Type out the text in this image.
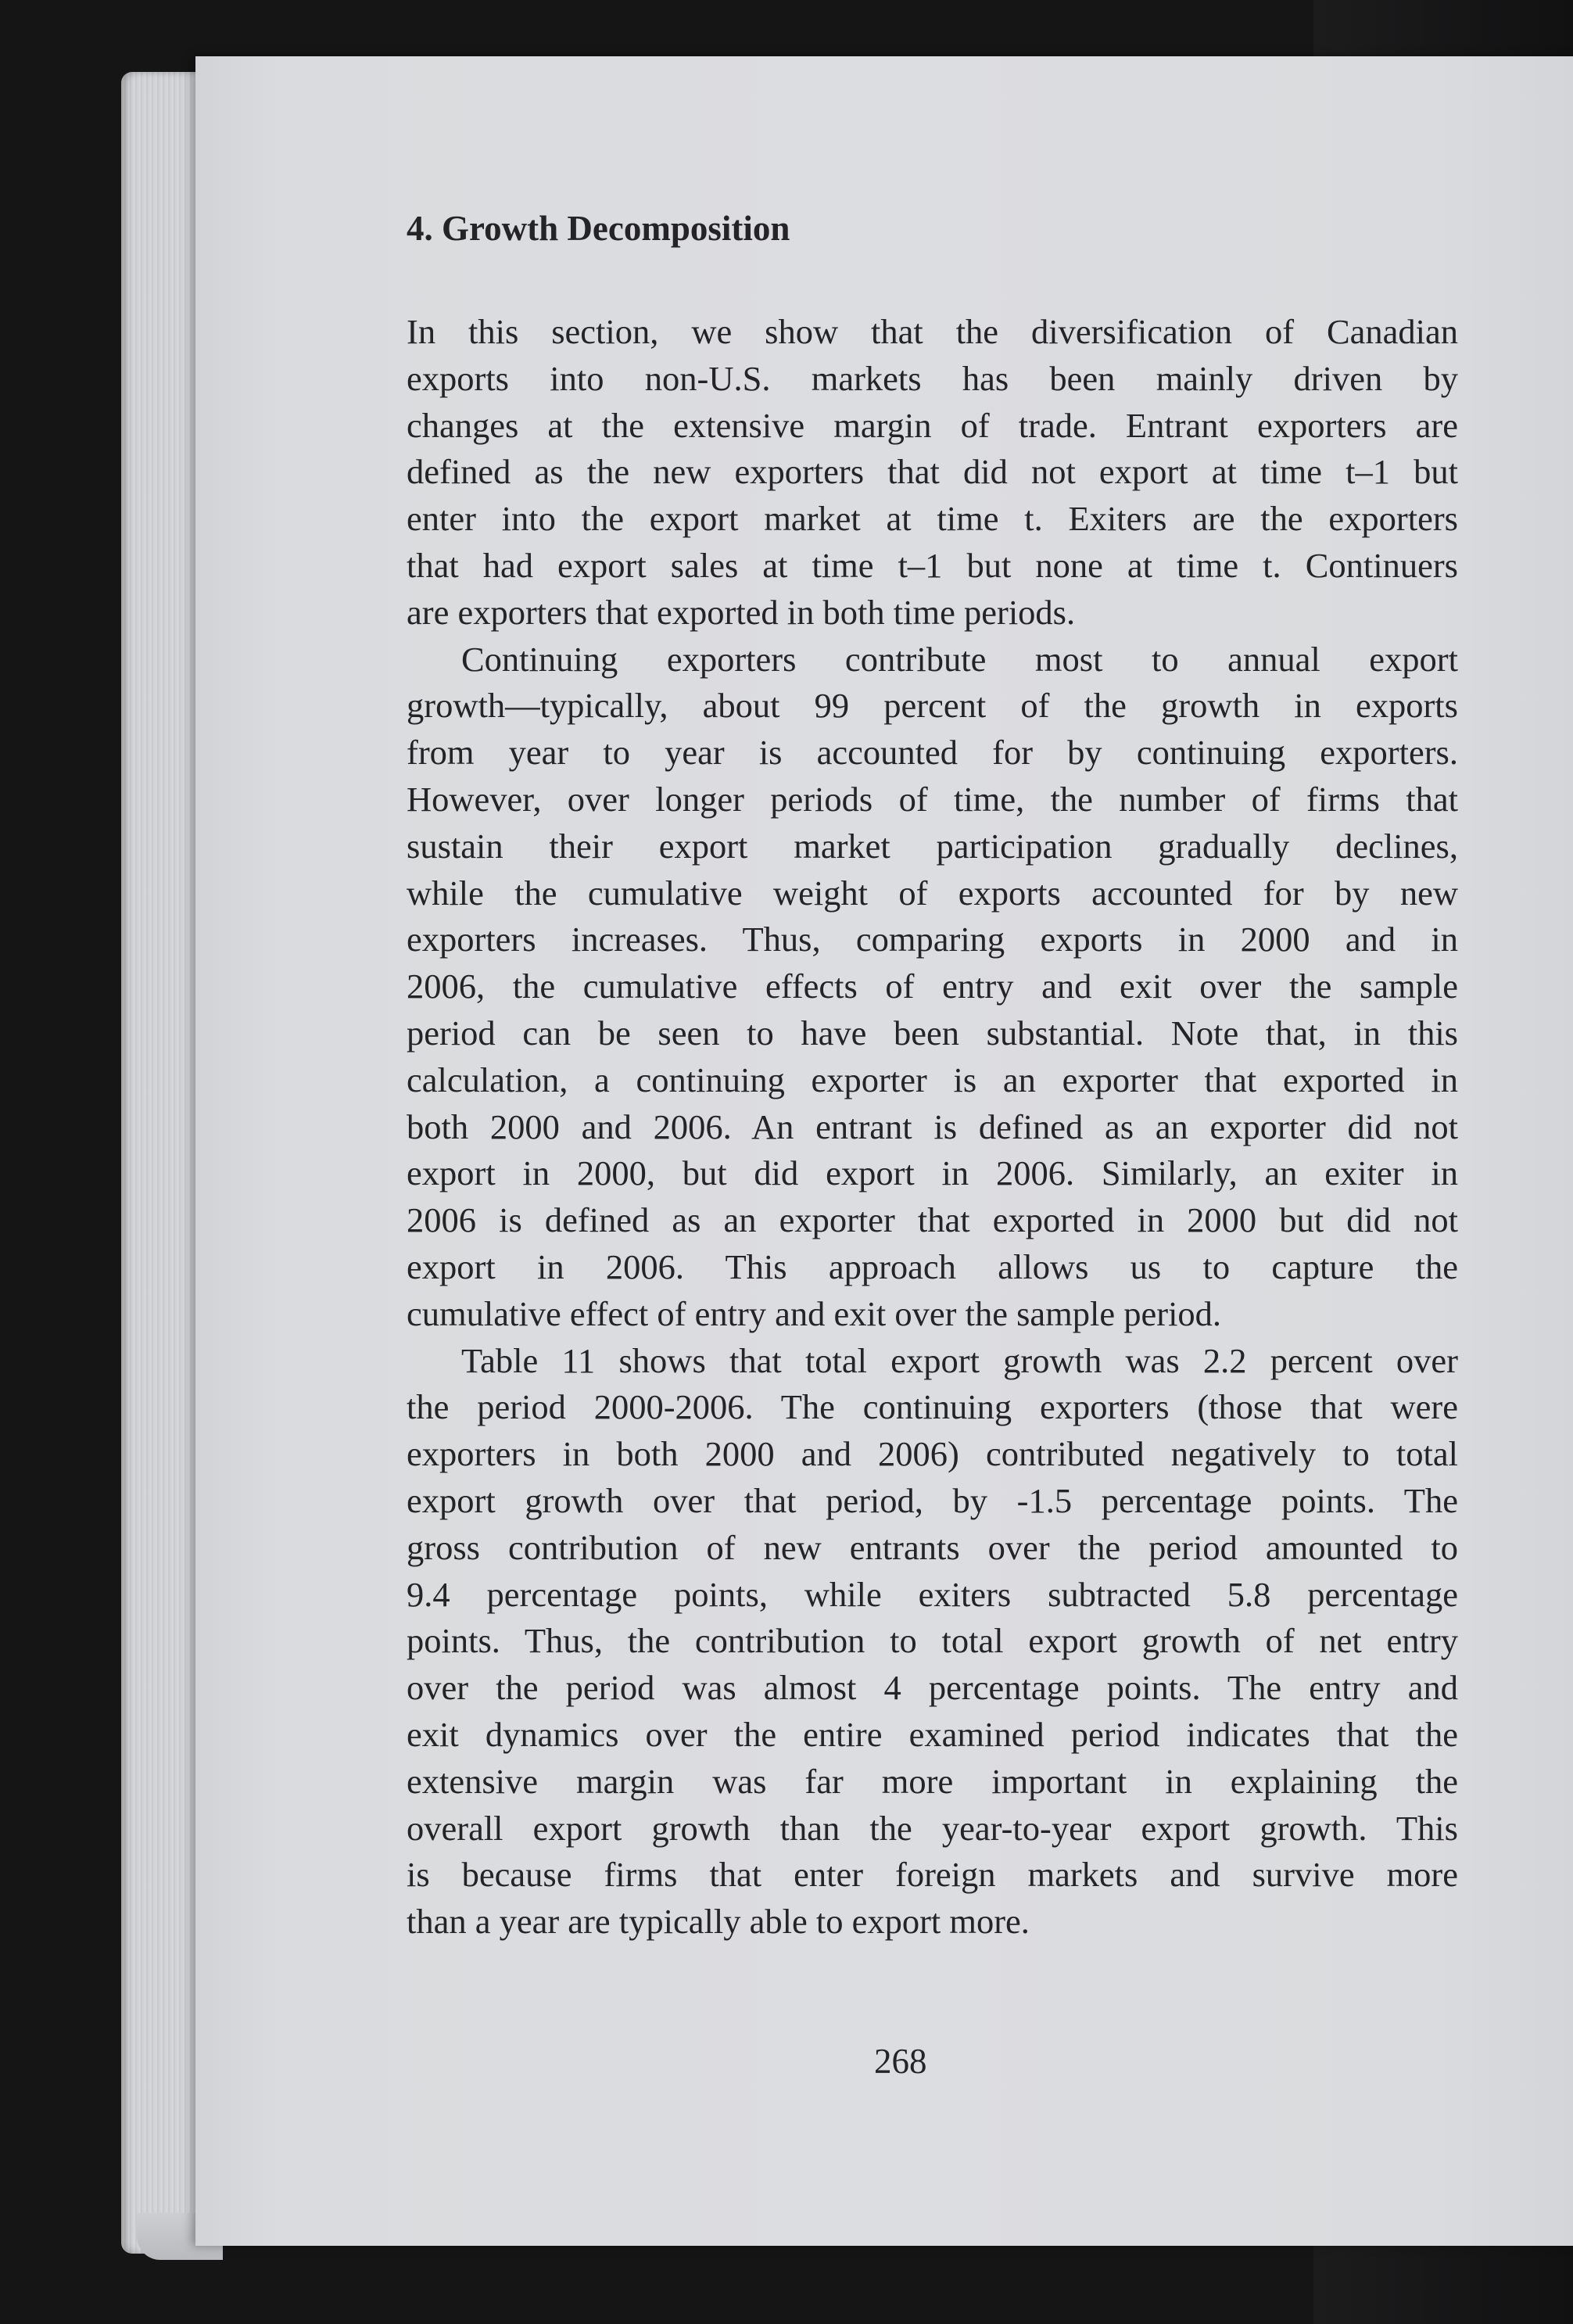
4. Growth Decomposition

In this section, we show that the diversification of Canadian
exports into non-U.S. markets has been mainly driven by
changes at the extensive margin of trade. Entrant exporters are
defined as the new exporters that did not export at time t–1 but
enter into the export market at time t. Exiters are the exporters
that had export sales at time t–1 but none at time t. Continuers
are exporters that exported in both time periods.

Continuing exporters contribute most to annual export
growth—typically, about 99 percent of the growth in exports
from year to year is accounted for by continuing exporters.
However, over longer periods of time, the number of firms that
sustain their export market participation gradually declines,
while the cumulative weight of exports accounted for by new
exporters increases. Thus, comparing exports in 2000 and in
2006, the cumulative effects of entry and exit over the sample
period can be seen to have been substantial. Note that, in this
calculation, a continuing exporter is an exporter that exported in
both 2000 and 2006. An entrant is defined as an exporter did not
export in 2000, but did export in 2006. Similarly, an exiter in
2006 is defined as an exporter that exported in 2000 but did not
export in 2006. This approach allows us to capture the
cumulative effect of entry and exit over the sample period.

Table 11 shows that total export growth was 2.2 percent over
the period 2000-2006. The continuing exporters (those that were
exporters in both 2000 and 2006) contributed negatively to total
export growth over that period, by -1.5 percentage points. The
gross contribution of new entrants over the period amounted to
9.4 percentage points, while exiters subtracted 5.8 percentage
points. Thus, the contribution to total export growth of net entry
over the period was almost 4 percentage points. The entry and
exit dynamics over the entire examined period indicates that the
extensive margin was far more important in explaining the
overall export growth than the year-to-year export growth. This
is because firms that enter foreign markets and survive more
than a year are typically able to export more.

268
